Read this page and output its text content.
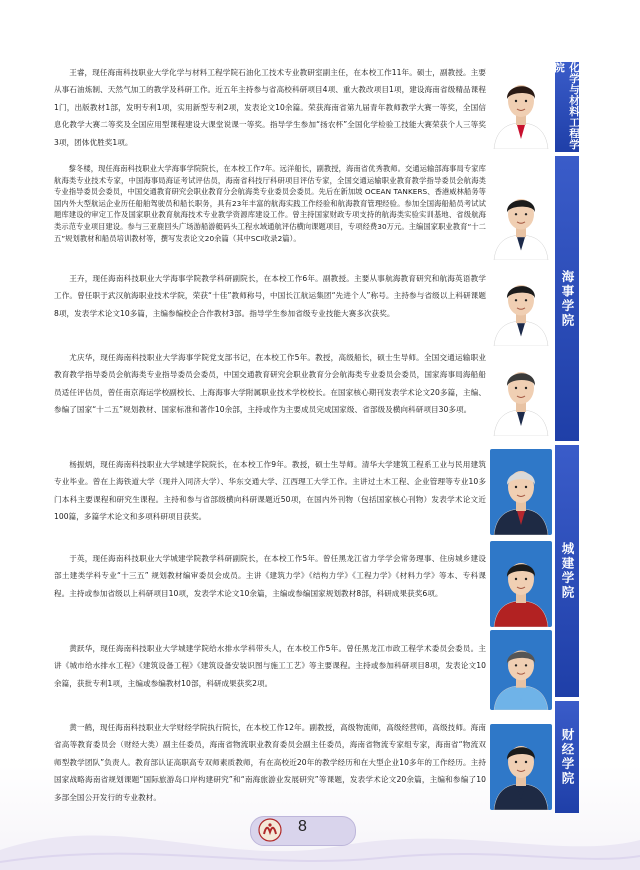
王睿，现任海南科技职业大学化学与材料工程学院石油化工技术专业教研室副主任，在本校工作11年。硕士，副教授。主要从事石油炼制、天然气加工的教学及科研工作。近五年主持参与省高校科研项目4项、重大教改项目1项，建设海南省级精品课程1门，出版教材1部，发明专利1项，实用新型专利2项，发表论文10余篇。荣获海南省第九届青年教师教学大赛一等奖，全国信息化教学大赛二等奖及全国应用型课程建设大课堂说课一等奖。指导学生参加“扬农杯”全国化学检验工技能大赛荣获个人三等奖3项，团体优胜奖1项。

黎冬楼，现任海南科技职业大学海事学院院长，在本校工作7年。远洋船长，副教授，海南省优秀教师。交通运输部海事局专家库航海类专业技术专家，中国海事局海证考试评估员，海南省科技厅科研项目评估专家，全国交通运输职业教育教学指导委员会航海类专业指导委员会委员，中国交通教育研究会职业教育分会航海类专业委员会委员。先后在新加坡 OCEAN TANKERS、香港威林船务等国内外大型航运企业历任船舶驾驶员和船长职务，具有23年丰富的航海实践工作经验和航海教育管理经验。参加全国海船船员考试试题库建设的审定工作及国家职业教育航海技术专业教学资源库建设工作。曾主持国家财政专项支持的航海类实验实训基地、省级航海类示范专业项目建设。参与三亚鹿回头广场游船游艇码头工程水域通航评估横向课题项目，专项经费30万元。主编国家职业教育“十二五”规划教材和船员培训教材等，撰写发表论文20余篇（其中SCI收录2篇）。

王卉，现任海南科技职业大学海事学院教学科研副院长，在本校工作6年。副教授。主要从事航海教育研究和航海英语教学工作。曾任职于武汉航海职业技术学院，荣获“十佳”教师称号，中国长江航运集团“先进个人”称号。主持参与省级以上科研课题8项，发表学术论文10多篇，主编参编校企合作教材3部。指导学生参加省级专业技能大赛多次获奖。

尤庆华，现任海南科技职业大学海事学院党支部书记，在本校工作5年。教授，高级船长，硕士生导师。全国交通运输职业教育教学指导委员会航海类专业指导委员会委员，中国交通教育研究会职业教育分会航海类专业委员会委员，国家海事局海船船员适任评估员，曾任南京海运学校副校长、上海海事大学附属职业技术学校校长。在国家核心期刊发表学术论文20多篇，主编、参编了国家“十二五”规划教材、国家标准和著作10余部，主持或作为主要成员完成国家级、省部级及横向科研项目30多项。

杨振炳，现任海南科技职业大学城建学院院长，在本校工作9年。教授，硕士生导师。清华大学建筑工程系工业与民用建筑专业毕业。曾在上海铁道大学（现并入同济大学）、华东交通大学、江西理工大学工作。主讲过土木工程、企业管理等专业10多门本科主要课程和研究生课程。主持和参与省部级横向科研课题近50项，在国内外刊物（包括国家核心刊物）发表学术论文近100篇，多篇学术论文和多项科研项目获奖。

于英，现任海南科技职业大学城建学院教学科研副院长，在本校工作5年。曾任黑龙江省力学学会常务理事、住房城乡建设部土建类学科专业“十三五” 规划教材编审委员会成员。主讲《建筑力学》《结构力学》《工程力学》《材料力学》等本、专科课程。主持或参加省级以上科研项目10项，发表学术论文10余篇，主编或参编国家规划教材8部，科研成果获奖6项。

黄跃华，现任海南科技职业大学城建学院给水排水学科带头人，在本校工作5年。曾任黑龙江市政工程学术委员会委员。主讲《城市给水排水工程》《建筑设备工程》《建筑设备安装识图与施工工艺》等主要课程。主持或参加科研项目8项，发表论文10余篇，获批专利1项，主编或参编教材10部，科研成果获奖2项。

黄一鹤，现任海南科技职业大学财经学院执行院长，在本校工作12年。副教授，高级物流师，高级经营师，高级技师。海南省高等教育委员会（财经大类）副主任委员，海南省物流职业教育委员会副主任委员，海南省物流专家组专家，海南省“物流双师型教学团队”负责人。教育部认证高职高专双师素质教师，有在高校近20年的教学经历和在大型企业10多年的工作经历。主持国家战略海南省规划课题“国际旅游岛口岸构建研究”和“南海旅游业发展研究”等课题，发表学术论文20余篇，主编和参编了10多部全国公开发行的专业教材。

化学与材料工程学院
海事学院
城建学院
财经学院
8
